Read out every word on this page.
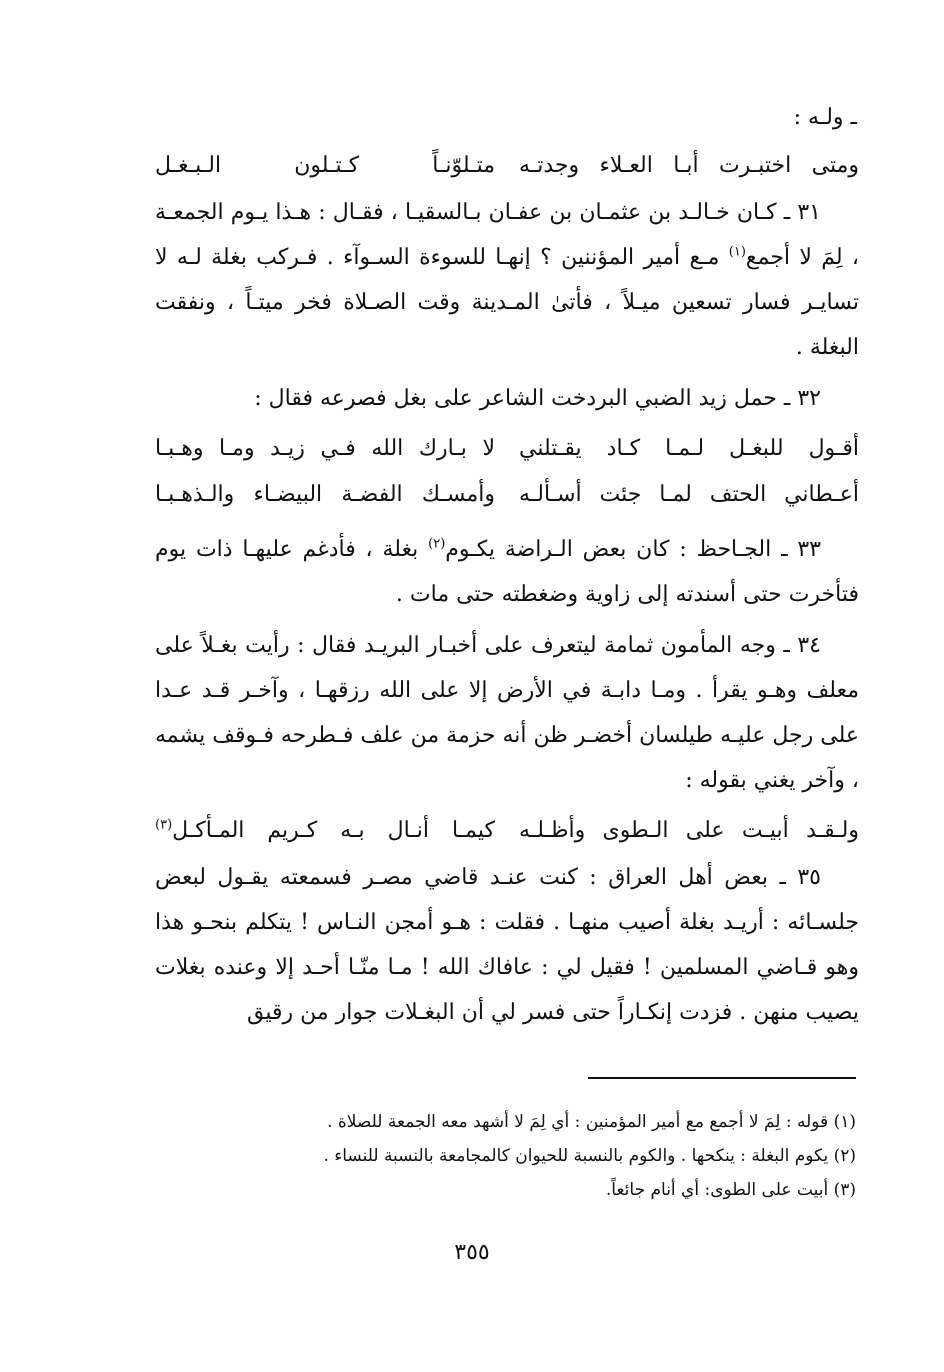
ـ ولـه :
ومتى اختبـرت أبـا العـلاء وجدتـه
متـلوّنـاً كـتـلون الـبـغـل

٣١ ـ كـان خـالـد بن عثمـان بن عفـان بـالسقيـا ، فقـال : هـذا يـوم الجمعـة ، لِمَ لا أجمع$^{(١)}$ مـع أمير المؤننين ؟ إنهـا للسوءة السـوآء . فـركب بغلة لـه لا تسايـر فسار تسعين ميـلاً ، فأتىٰ المـدينة وقت الصـلاة فخر ميتـاً ، ونفقت البغلة .

٣٢ ـ حمل زيد الضبي البردخت الشاعر على بغل فصرعه فقال :

أقـول للبغـل لـمـا كـاد يقـتلني
لا بـارك الله فـي زيـد ومـا وهـبـا
أعـطاني الحتف لمـا جئت أسـألـه
وأمسـك الفضـة البيضـاء والـذهـبـا

٣٣ ـ الجـاحظ : كان بعض الـراضة يكـوم$^{(٢)}$ بغلة ، فأدغم عليهـا ذات يوم فتأخرت حتى أسندته إلى زاوية وضغطته حتى مات .

٣٤ ـ وجه المأمون ثمامة ليتعرف على أخبـار البريـد فقال : رأيت بغـلاً على معلف وهـو يقرأ . ومـا دابـة في الأرض إلا على الله رزقهـا ، وآخـر قـد عـدا على رجل عليـه طيلسان أخضـر ظن أنه حزمة من علف فـطرحه فـوقف يشمه ، وآخر يغني بقوله :

ولـقـد أبيـت على الـطوى وأظـلـه
كيمـا أنـال بـه كـريم المـأكـل$^{(٣)}$

٣٥ ـ بعض أهل العراق : كنت عنـد قاضي مصـر فسمعته يقـول لبعض جلسـائه : أريـد بغلة أصيب منهـا . فقلت : هـو أمجن النـاس ! يتكلم بنحـو هذا وهو قـاضي المسلمين ! فقيل لي : عافاك الله ! مـا منّـا أحـد إلا وعنده بغلات يصيب منهن . فزدت إنكـاراً حتى فسر لي أن البغـلات جوار من رقيق

(١) قوله : لِمَ لا أجمع مع أمير المؤمنين : أي لِمَ لا أشهد معه الجمعة للصلاة .

(٢) يكوم البغلة : ينكحها . والكوم بالنسبة للحيوان كالمجامعة بالنسبة للنساء .

(٣) أبيت على الطوى: أي أنام جائعاً.

٣٥٥
